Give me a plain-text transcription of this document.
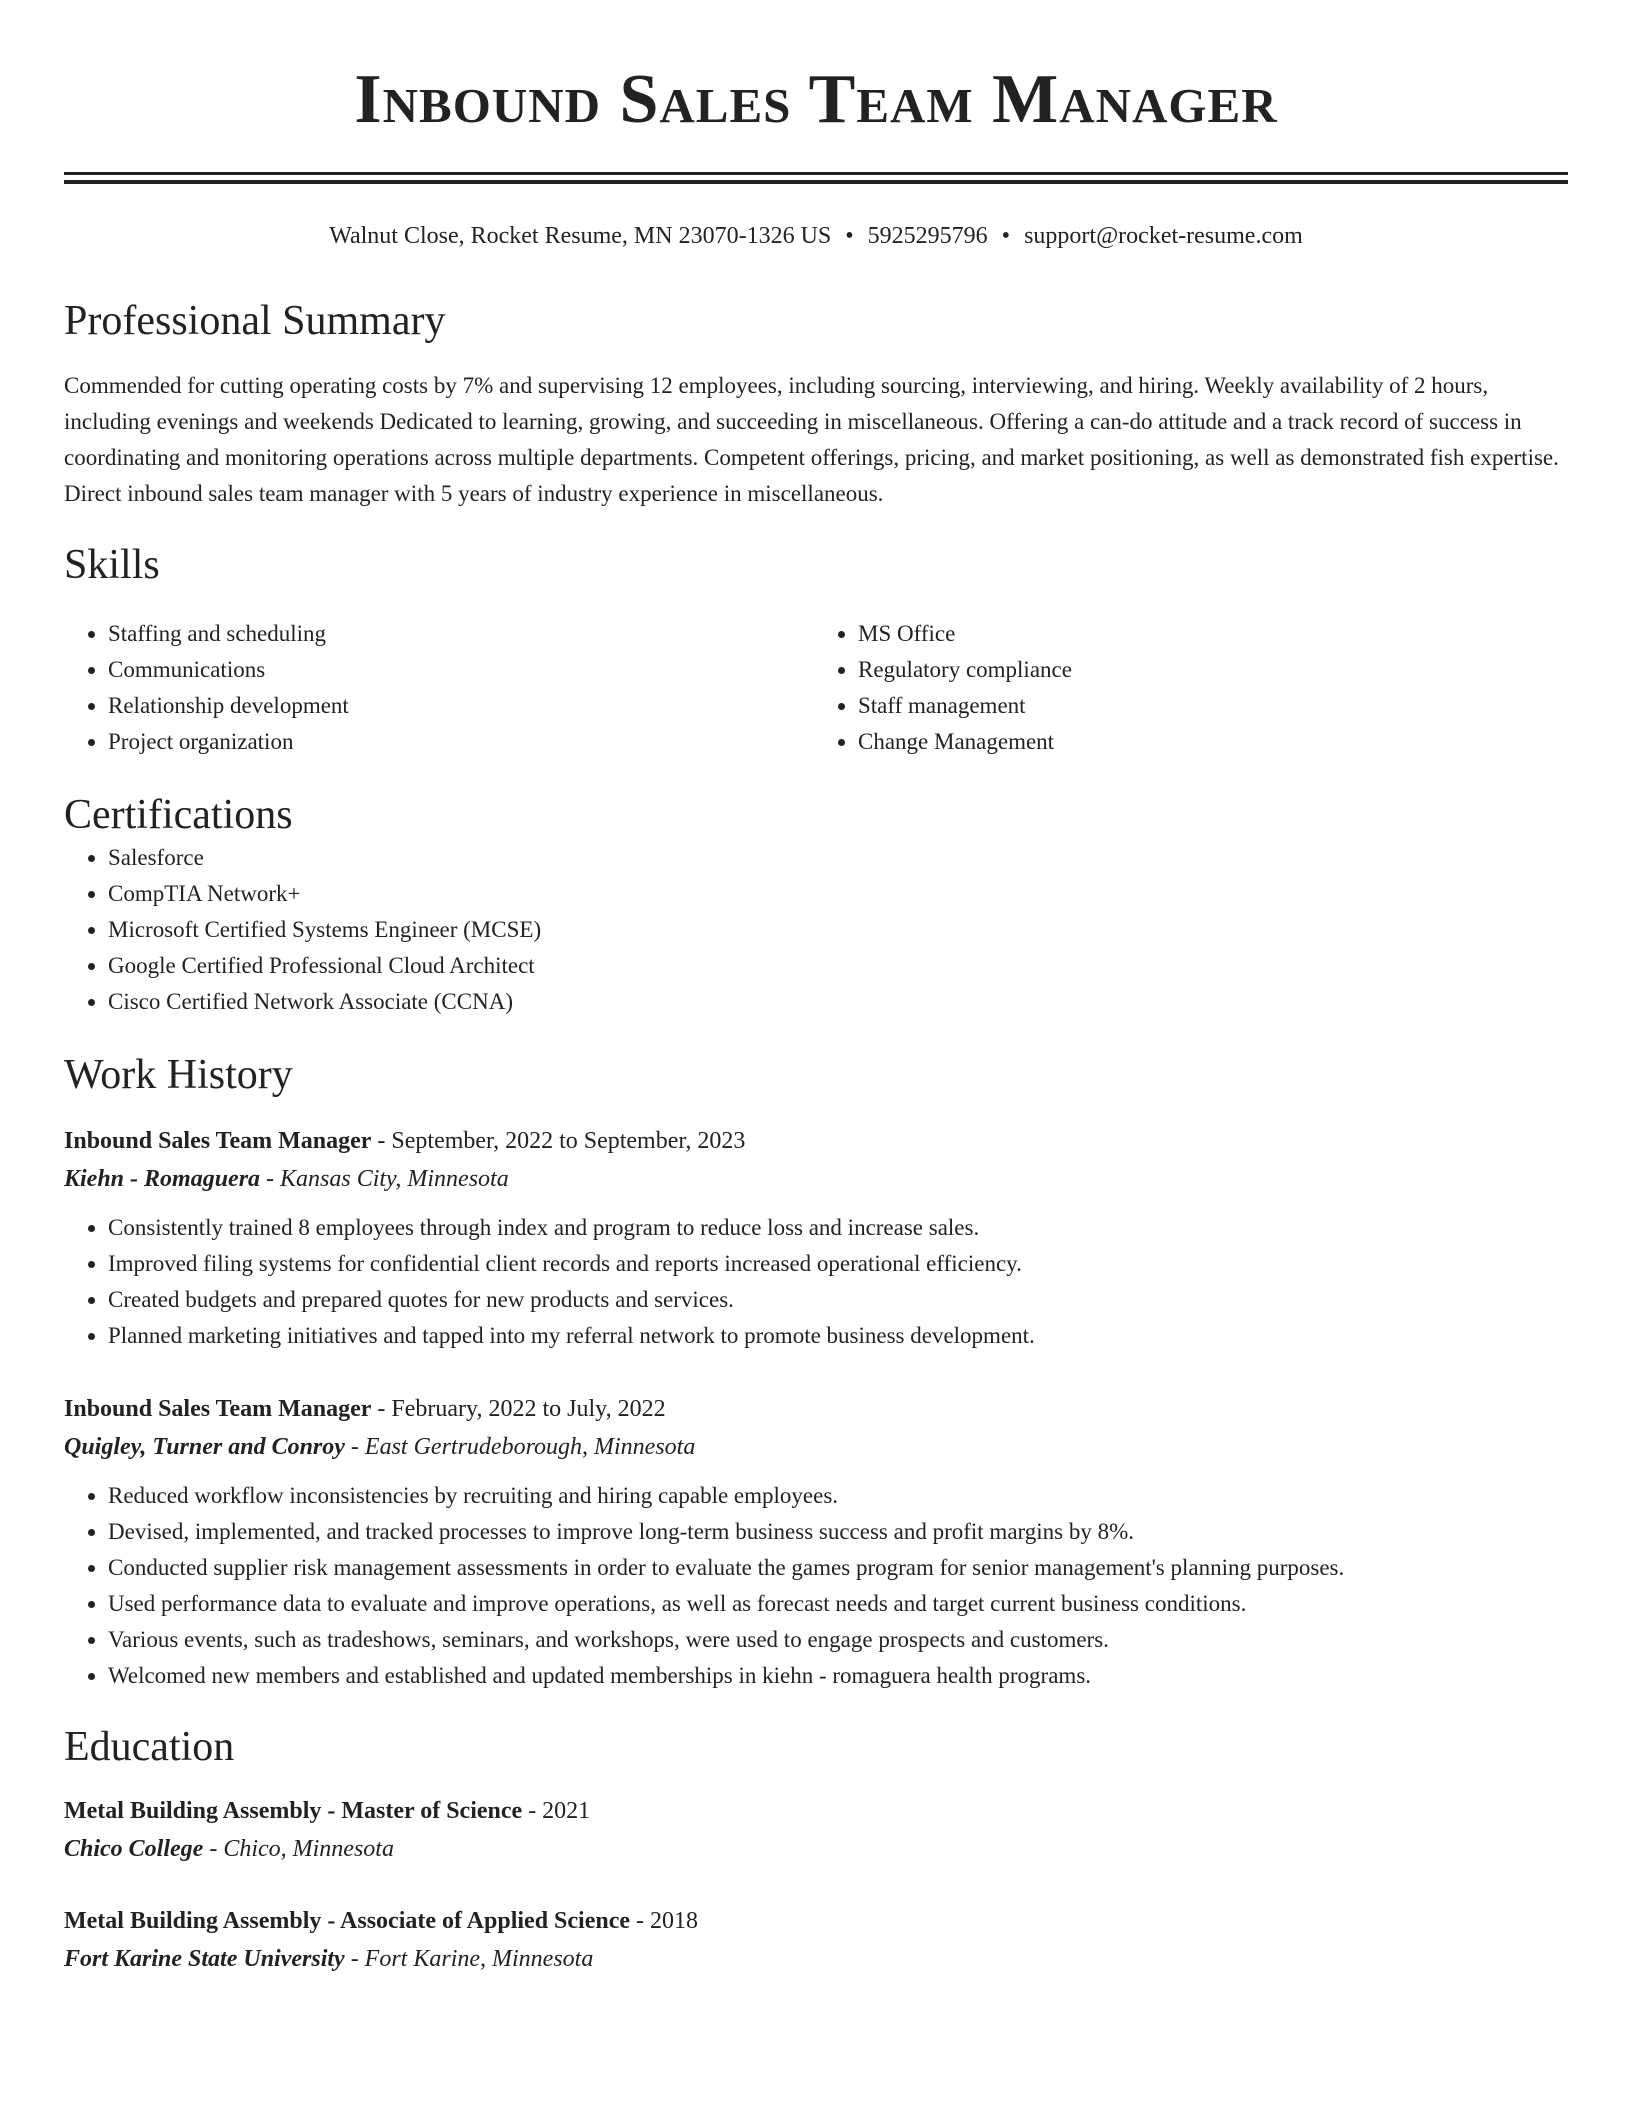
Inbound Sales Team Manager
Walnut Close, Rocket Resume, MN 23070-1326 US • 5925295796 • support@rocket-resume.com
Professional Summary

Commended for cutting operating costs by 7% and supervising 12 employees, including sourcing, interviewing, and hiring. Weekly availability of 2 hours, including evenings and weekends Dedicated to learning, growing, and succeeding in miscellaneous. Offering a can-do attitude and a track record of success in coordinating and monitoring operations across multiple departments. Competent offerings, pricing, and market positioning, as well as demonstrated fish expertise. Direct inbound sales team manager with 5 years of industry experience in miscellaneous.

Skills
• Staffing and scheduling
• Communications
• Relationship development
• Project organization
• MS Office
• Regulatory compliance
• Staff management
• Change Management
Certifications
• Salesforce
• CompTIA Network+
• Microsoft Certified Systems Engineer (MCSE)
• Google Certified Professional Cloud Architect
• Cisco Certified Network Associate (CCNA)
Work History
Inbound Sales Team Manager - September, 2022 to September, 2023
Kiehn - Romaguera - Kansas City, Minnesota
• Consistently trained 8 employees through index and program to reduce loss and increase sales.
• Improved filing systems for confidential client records and reports increased operational efficiency.
• Created budgets and prepared quotes for new products and services.
• Planned marketing initiatives and tapped into my referral network to promote business development.
Inbound Sales Team Manager - February, 2022 to July, 2022
Quigley, Turner and Conroy - East Gertrudeborough, Minnesota
• Reduced workflow inconsistencies by recruiting and hiring capable employees.
• Devised, implemented, and tracked processes to improve long-term business success and profit margins by 8%.
• Conducted supplier risk management assessments in order to evaluate the games program for senior management's planning purposes.
• Used performance data to evaluate and improve operations, as well as forecast needs and target current business conditions.
• Various events, such as tradeshows, seminars, and workshops, were used to engage prospects and customers.
• Welcomed new members and established and updated memberships in kiehn - romaguera health programs.
Education
Metal Building Assembly - Master of Science - 2021
Chico College - Chico, Minnesota
Metal Building Assembly - Associate of Applied Science - 2018
Fort Karine State University - Fort Karine, Minnesota
